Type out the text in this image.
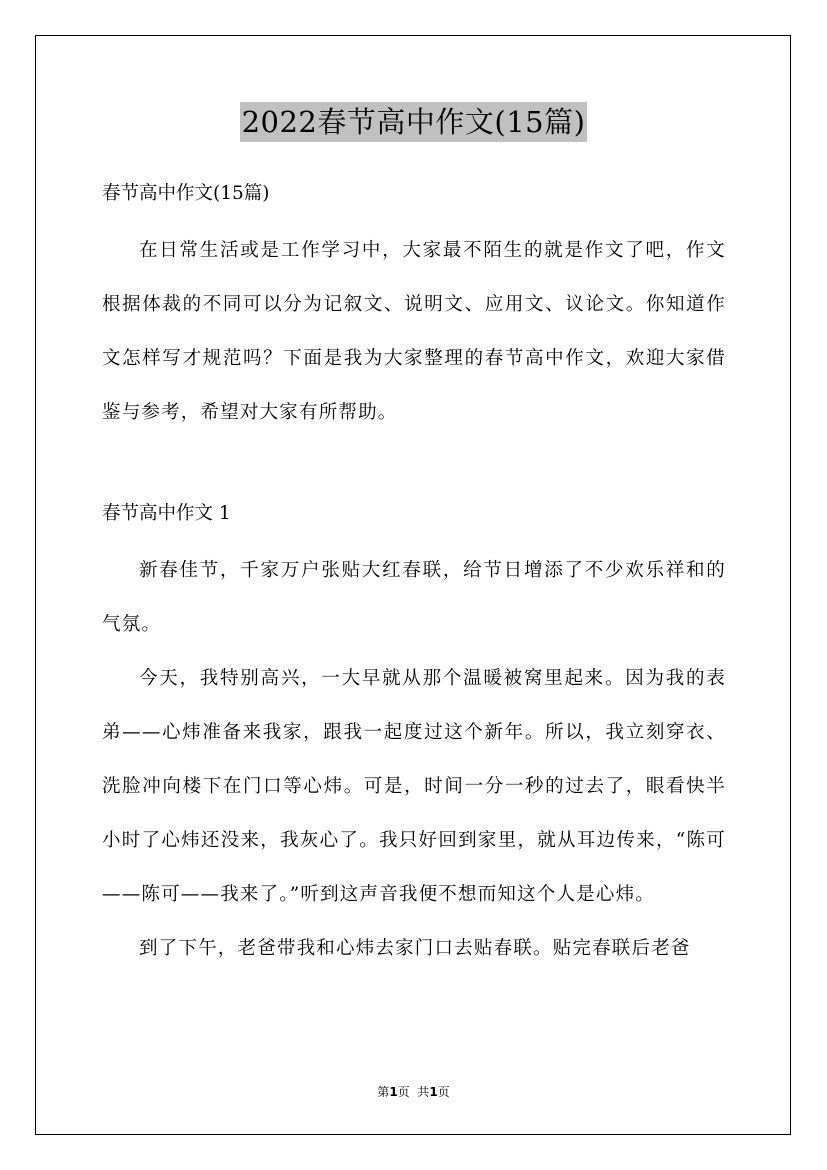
2022春节高中作文(15篇)

春节高中作文(15篇)

在日常生活或是工作学习中，大家最不陌生的就是作文了吧，作文根据体裁的不同可以分为记叙文、说明文、应用文、议论文。你知道作文怎样写才规范吗？下面是我为大家整理的春节高中作文，欢迎大家借鉴与参考，希望对大家有所帮助。

春节高中作文 1

新春佳节，千家万户张贴大红春联，给节日增添了不少欢乐祥和的气氛。

今天，我特别高兴，一大早就从那个温暖被窝里起来。因为我的表弟——心炜准备来我家，跟我一起度过这个新年。所以，我立刻穿衣、洗脸冲向楼下在门口等心炜。可是，时间一分一秒的过去了，眼看快半小时了心炜还没来，我灰心了。我只好回到家里，就从耳边传来，“陈可——陈可——我来了。”听到这声音我便不想而知这个人是心炜。

到了下午，老爸带我和心炜去家门口去贴春联。贴完春联后老爸

第1页  共1页
